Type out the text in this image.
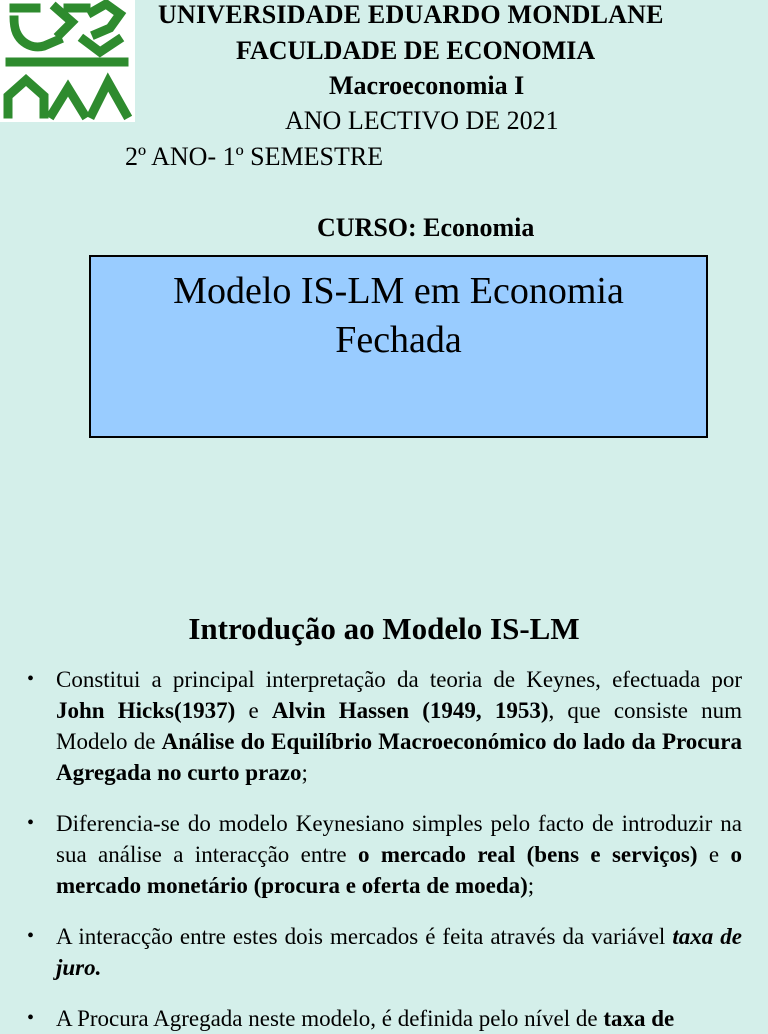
UNIVERSIDADE EDUARDO MONDLANE
FACULDADE DE ECONOMIA
Macroeconomia I
ANO LECTIVO DE 2021
2º ANO- 1º SEMESTRE
CURSO: Economia
Modelo IS-LM em Economia
Fechada
Introdução ao Modelo IS-LM
• Constitui a principal interpretação da teoria de Keynes, efectuada por John Hicks(1937) e Alvin Hassen (1949, 1953), que consiste num Modelo de Análise do Equilíbrio Macroeconómico do lado da Procura Agregada no curto prazo;
• Diferencia-se do modelo Keynesiano simples pelo facto de introduzir na sua análise a interacção entre o mercado real (bens e serviços) e o mercado monetário (procura e oferta de moeda);
• A interacção entre estes dois mercados é feita através da variável taxa de juro.
• A Procura Agregada neste modelo, é definida pelo nível de taxa de
